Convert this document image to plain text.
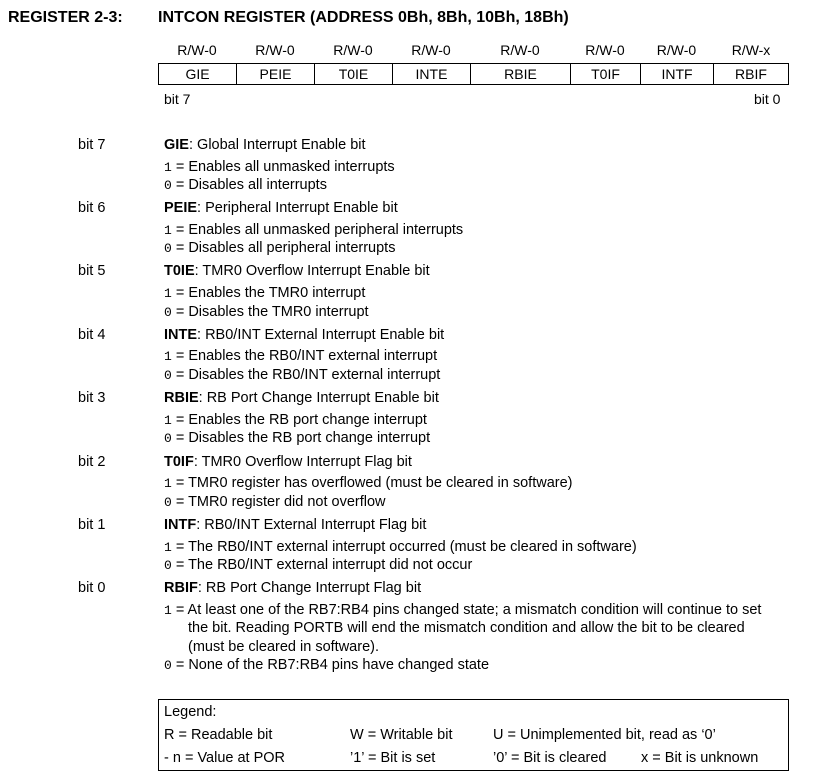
REGISTER 2-3: INTCON REGISTER (ADDRESS 0Bh, 8Bh, 10Bh, 18Bh)
R/W-0	R/W-0	R/W-0	R/W-0	R/W-0	R/W-0	R/W-0	R/W-x
GIE	PEIE	T0IE	INTE	RBIE	T0IF	INTF	RBIF
bit 7	bit 0
bit 7	GIE: Global Interrupt Enable bit
1 = Enables all unmasked interrupts
0 = Disables all interrupts
bit 6	PEIE: Peripheral Interrupt Enable bit
1 = Enables all unmasked peripheral interrupts
0 = Disables all peripheral interrupts
bit 5	T0IE: TMR0 Overflow Interrupt Enable bit
1 = Enables the TMR0 interrupt
0 = Disables the TMR0 interrupt
bit 4	INTE: RB0/INT External Interrupt Enable bit
1 = Enables the RB0/INT external interrupt
0 = Disables the RB0/INT external interrupt
bit 3	RBIE: RB Port Change Interrupt Enable bit
1 = Enables the RB port change interrupt
0 = Disables the RB port change interrupt
bit 2	T0IF: TMR0 Overflow Interrupt Flag bit
1 = TMR0 register has overflowed (must be cleared in software)
0 = TMR0 register did not overflow
bit 1	INTF: RB0/INT External Interrupt Flag bit
1 = The RB0/INT external interrupt occurred (must be cleared in software)
0 = The RB0/INT external interrupt did not occur
bit 0	RBIF: RB Port Change Interrupt Flag bit
1 = At least one of the RB7:RB4 pins changed state; a mismatch condition will continue to set
the bit. Reading PORTB will end the mismatch condition and allow the bit to be cleared
(must be cleared in software).
0 = None of the RB7:RB4 pins have changed state
Legend:
R = Readable bit	W = Writable bit	U = Unimplemented bit, read as ‘0’
- n = Value at POR	’1’ = Bit is set	’0’ = Bit is cleared x = Bit is unknown
